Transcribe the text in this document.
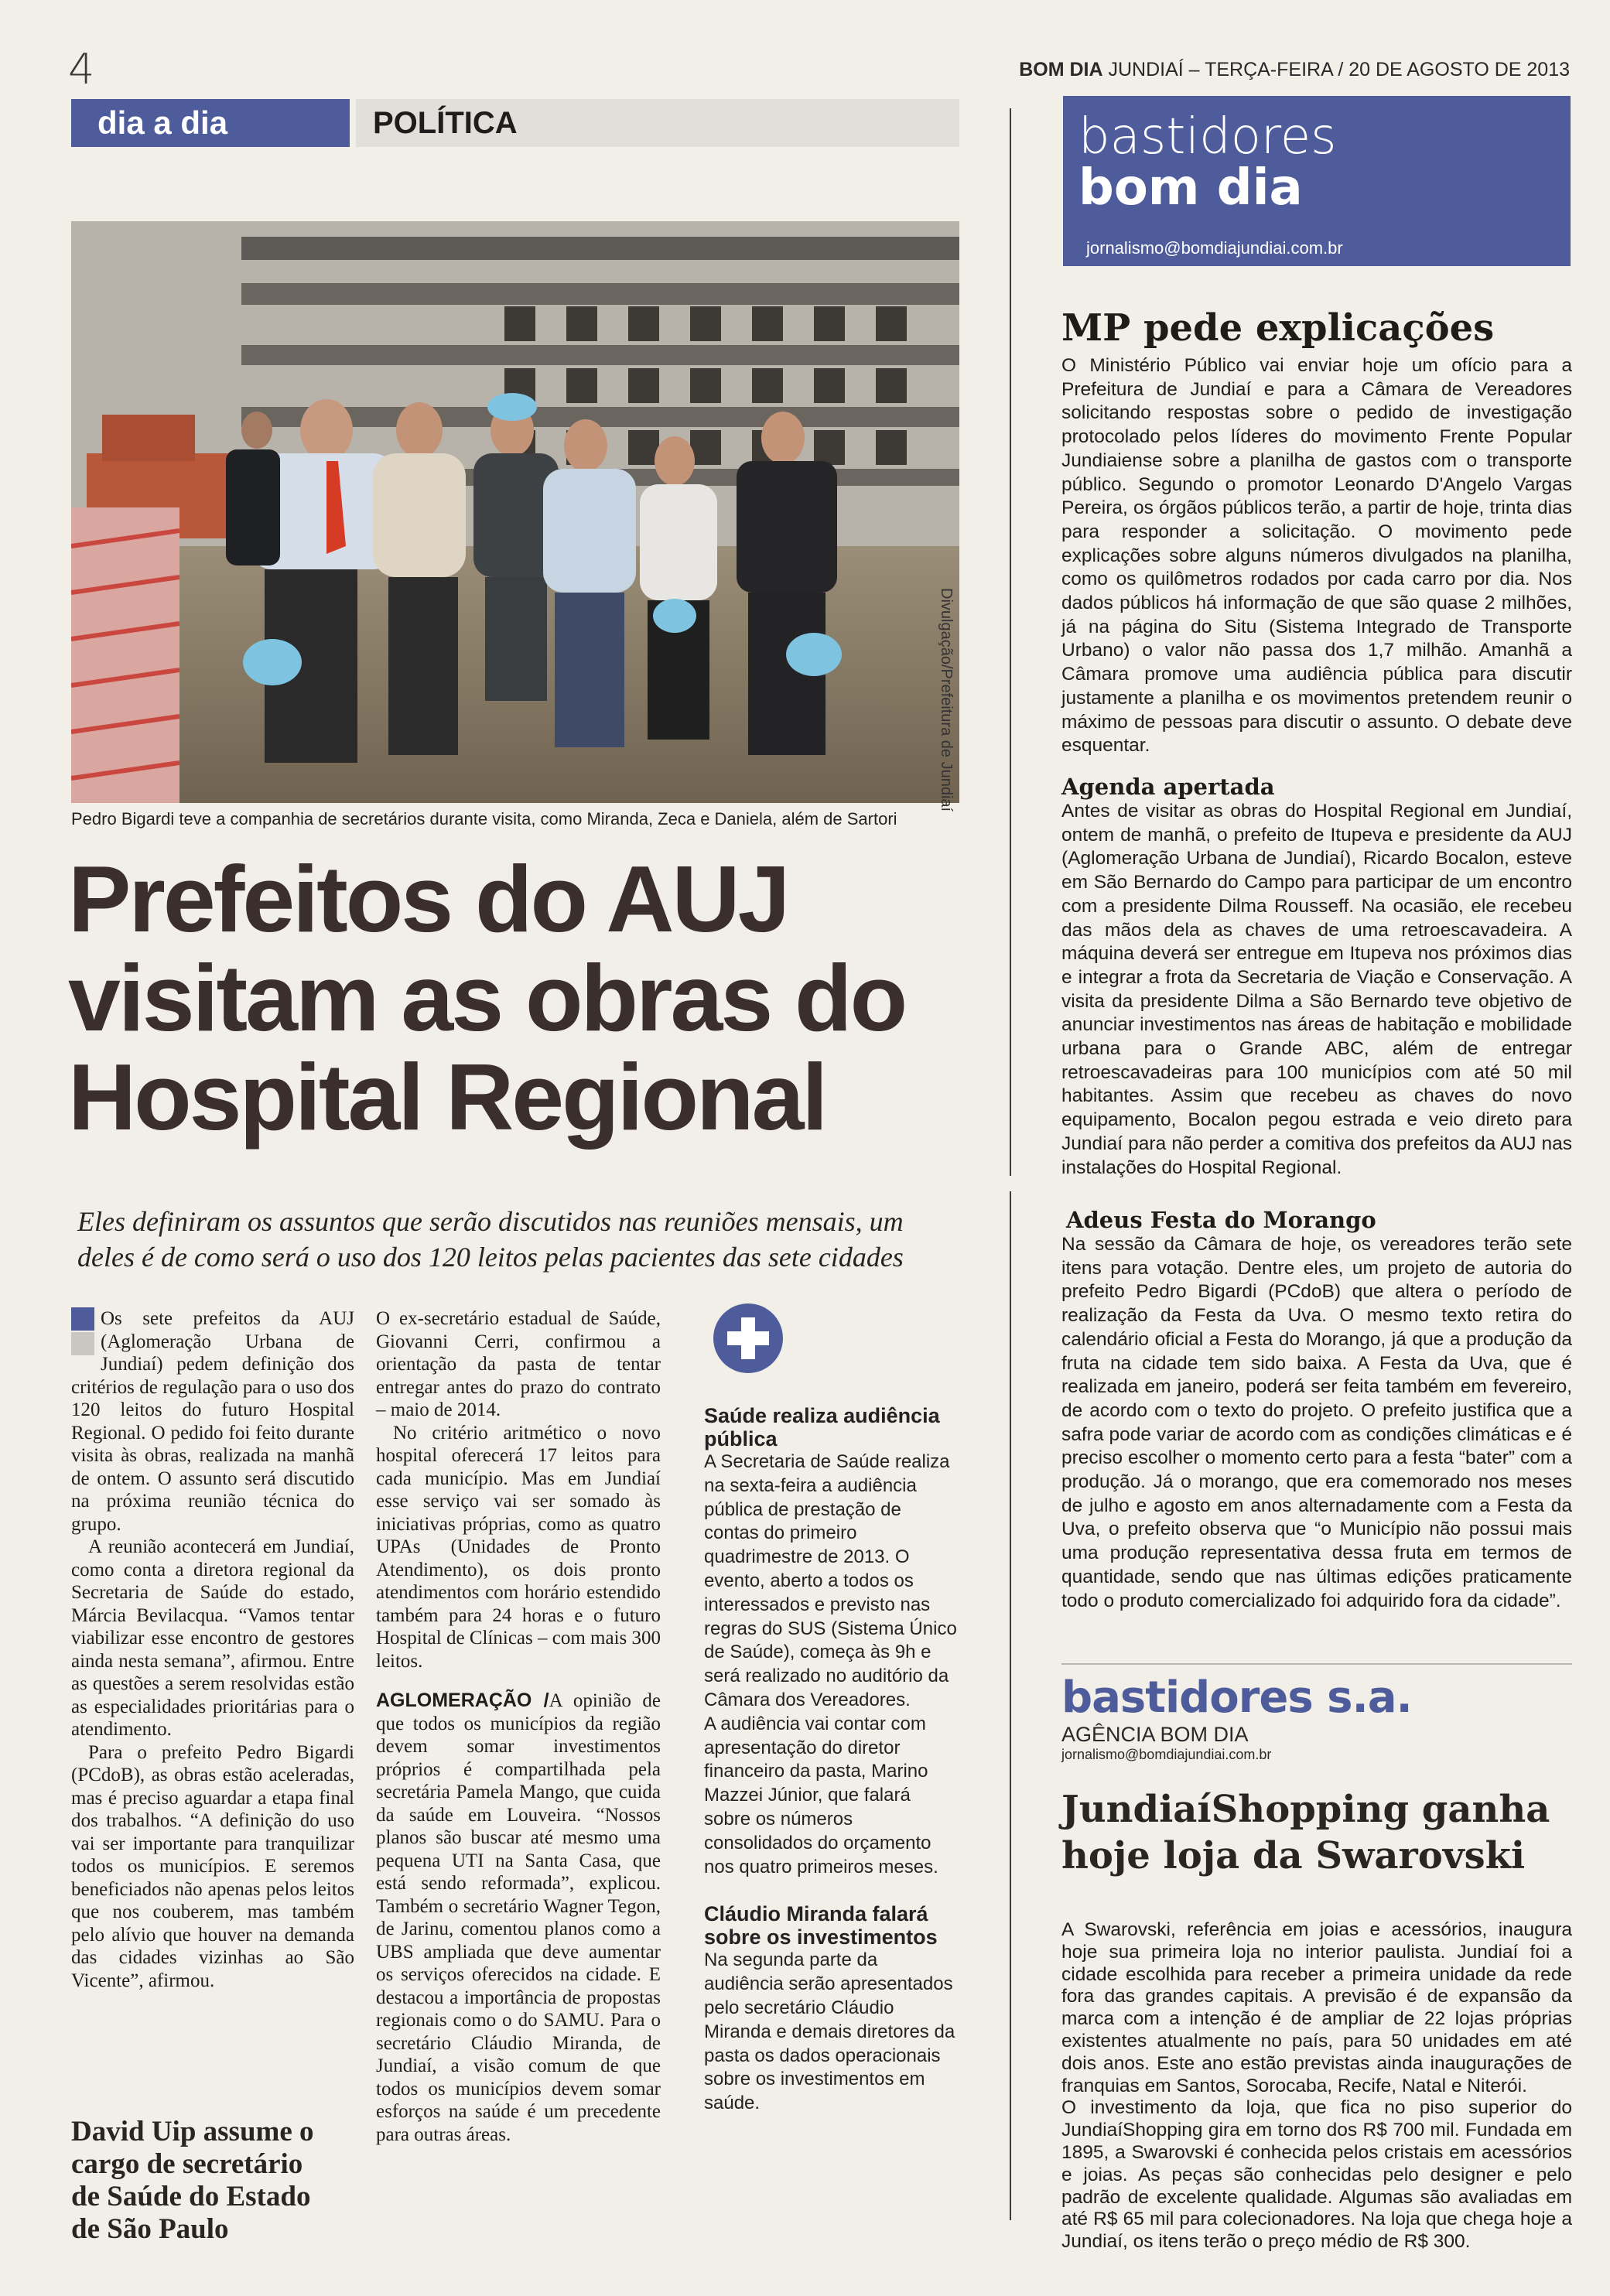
4	BOM DIA JUNDIAÍ – TERÇA-FEIRA / 20 DE AGOSTO DE 2013
dia a dia	POLÍTICA
Divulgação/Prefeitura de Jundiaí
Pedro Bigardi teve a companhia de secretários durante visita, como Miranda, Zeca e Daniela, além de Sartori
Prefeitos do AUJ
visitam as obras do
Hospital Regional
Eles definiram os assuntos que serão discutidos nas reuniões mensais, um deles é de como será o uso dos 120 leitos pelas pacientes das sete cidades

Os sete prefeitos da AUJ (Aglomeração Urbana de Jundiaí) pedem definição dos critérios de regulação para o uso dos 120 leitos do futuro Hospital Regional. O pedido foi feito durante visita às obras, realizada na manhã de ontem. O assunto será discutido na próxima reunião técnica do grupo.

A reunião acontecerá em Jundiaí, como conta a diretora regional da Secretaria de Saúde do estado, Márcia Bevilacqua. “Vamos tentar viabilizar esse encontro de gestores ainda nesta semana”, afirmou. Entre as questões a serem resolvidas estão as especialidades prioritárias para o atendimento.

Para o prefeito Pedro Bigardi (PCdoB), as obras estão aceleradas, mas é preciso aguardar a etapa final dos trabalhos. “A definição do uso vai ser importante para tranquilizar todos os municípios. E seremos beneficiados não apenas pelos leitos que nos couberem, mas também pelo alívio que houver na demanda das cidades vizinhas ao São Vicente”, afirmou.

David Uip assume o cargo de secretário de Saúde do Estado de São Paulo

O ex-secretário estadual de Saúde, Giovanni Cerri, confirmou a orientação da pasta de tentar entregar antes do prazo do contrato – maio de 2014.

No critério aritmético o novo hospital oferecerá 17 leitos para cada município. Mas em Jundiaí esse serviço vai ser somado às iniciativas próprias, como as quatro UPAs (Unidades de Pronto Atendimento), os dois pronto atendimentos com horário estendido também para 24 horas e o futuro Hospital de Clínicas – com mais 300 leitos.

AGLOMERAÇÃO /A opinião de que todos os municípios da região devem somar investimentos próprios é compartilhada pela secretária Pamela Mango, que cuida da saúde em Louveira. “Nossos planos são buscar até mesmo uma pequena UTI na Santa Casa, que está sendo reformada”, explicou. Também o secretário Wagner Tegon, de Jarinu, comentou planos como a UBS ampliada que deve aumentar os serviços oferecidos na cidade. E destacou a importância de propostas regionais como o do SAMU. Para o secretário Cláudio Miranda, de Jundiaí, a visão comum de que todos os municípios devem somar esforços na saúde é um precedente para outras áreas.

Saúde realiza audiência pública
A Secretaria de Saúde realiza na sexta-feira a audiência pública de prestação de contas do primeiro quadrimestre de 2013. O evento, aberto a todos os interessados e previsto nas regras do SUS (Sistema Único de Saúde), começa às 9h e será realizado no auditório da Câmara dos Vereadores.
A audiência vai contar com apresentação do diretor financeiro da pasta, Marino Mazzei Júnior, que falará sobre os números consolidados do orçamento nos quatro primeiros meses.
Cláudio Miranda falará sobre os investimentos
Na segunda parte da audiência serão apresentados pelo secretário Cláudio Miranda e demais diretores da pasta os dados operacionais sobre os investimentos em saúde.
bastidores
bom dia
jornalismo@bomdiajundiai.com.br
MP pede explicações
O Ministério Público vai enviar hoje um ofício para a Prefeitura de Jundiaí e para a Câmara de Vereadores solicitando respostas sobre o pedido de investigação protocolado pelos líderes do movimento Frente Popular Jundiaiense sobre a planilha de gastos com o transporte público. Segundo o promotor Leonardo D'Angelo Vargas Pereira, os órgãos públicos terão, a partir de hoje, trinta dias para responder a solicitação. O movimento pede explicações sobre alguns números divulgados na planilha, como os quilômetros rodados por cada carro por dia. Nos dados públicos há informação de que são quase 2 milhões, já na página do Situ (Sistema Integrado de Transporte Urbano) o valor não passa dos 1,7 milhão. Amanhã a Câmara promove uma audiência pública para discutir justamente a planilha e os movimentos pretendem reunir o máximo de pessoas para discutir o assunto. O debate deve esquentar.
Agenda apertada
Antes de visitar as obras do Hospital Regional em Jundiaí, ontem de manhã, o prefeito de Itupeva e presidente da AUJ (Aglomeração Urbana de Jundiaí), Ricardo Bocalon, esteve em São Bernardo do Campo para participar de um encontro com a presidente Dilma Rousseff. Na ocasião, ele recebeu das mãos dela as chaves de uma retroescavadeira. A máquina deverá ser entregue em Itupeva nos próximos dias e integrar a frota da Secretaria de Viação e Conservação. A visita da presidente Dilma a São Bernardo teve objetivo de anunciar investimentos nas áreas de habitação e mobilidade urbana para o Grande ABC, além de entregar retroescavadeiras para 100 municípios com até 50 mil habitantes. Assim que recebeu as chaves do novo equipamento, Bocalon pegou estrada e veio direto para Jundiaí para não perder a comitiva dos prefeitos da AUJ nas instalações do Hospital Regional.
Adeus Festa do Morango
Na sessão da Câmara de hoje, os vereadores terão sete itens para votação. Dentre eles, um projeto de autoria do prefeito Pedro Bigardi (PCdoB) que altera o período de realização da Festa da Uva. O mesmo texto retira do calendário oficial a Festa do Morango, já que a produção da fruta na cidade tem sido baixa. A Festa da Uva, que é realizada em janeiro, poderá ser feita também em fevereiro, de acordo com o texto do projeto. O prefeito justifica que a safra pode variar de acordo com as condições climáticas e é preciso escolher o momento certo para a festa “bater” com a produção. Já o morango, que era comemorado nos meses de julho e agosto em anos alternadamente com a Festa da Uva, o prefeito observa que “o Município não possui mais uma produção representativa dessa fruta em termos de quantidade, sendo que nas últimas edições praticamente todo o produto comercializado foi adquirido fora da cidade”.
bastidores s.a.
AGÊNCIA BOM DIA
jornalismo@bomdiajundiai.com.br
JundiaíShopping ganha hoje loja da Swarovski
A Swarovski, referência em joias e acessórios, inaugura hoje sua primeira loja no interior paulista. Jundiaí foi a cidade escolhida para receber a primeira unidade da rede fora das grandes capitais. A previsão é de expansão da marca com a intenção é de ampliar de 22 lojas próprias existentes atualmente no país, para 50 unidades em até dois anos. Este ano estão previstas ainda inaugurações de franquias em Santos, Sorocaba, Recife, Natal e Niterói.
O investimento da loja, que fica no piso superior do JundiaíShopping gira em torno dos R$ 700 mil. Fundada em 1895, a Swarovski é conhecida pelos cristais em acessórios e joias. As peças são conhecidas pelo designer e pelo padrão de excelente qualidade. Algumas são avaliadas em até R$ 65 mil para colecionadores. Na loja que chega hoje a Jundiaí, os itens terão o preço médio de R$ 300.
